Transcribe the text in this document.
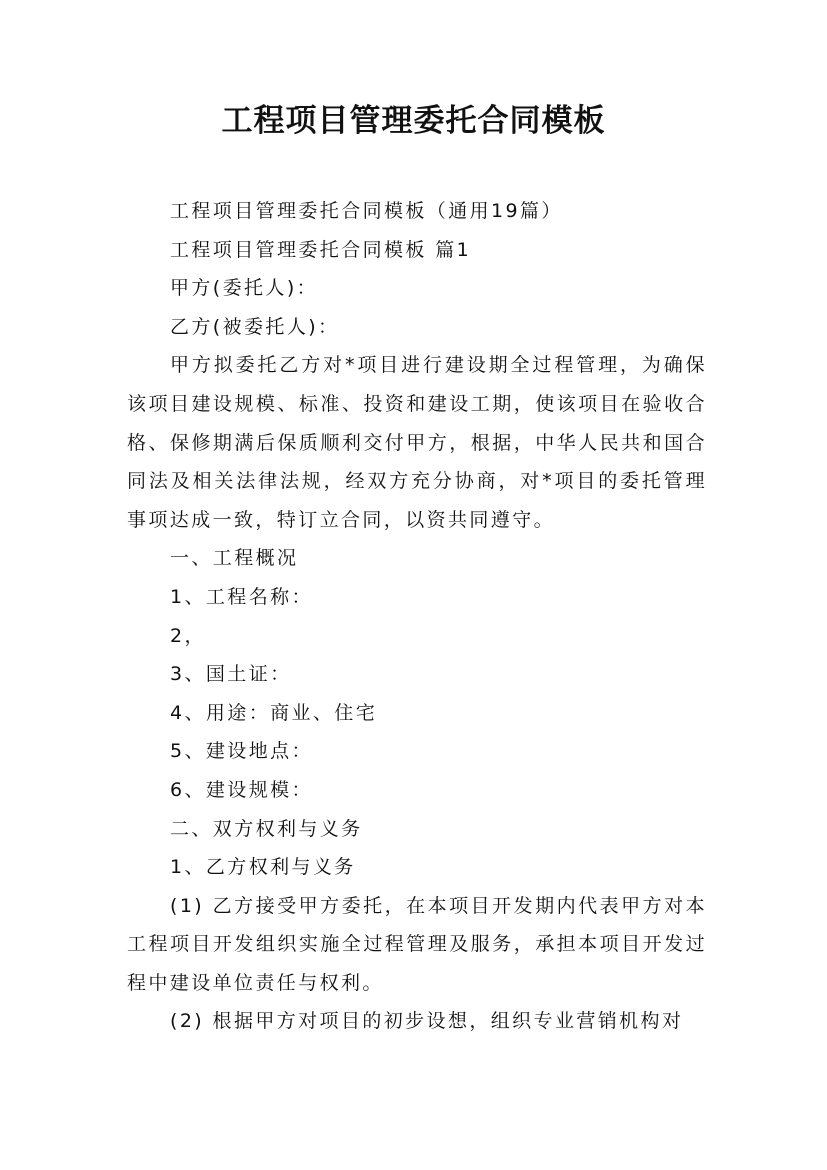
工程项目管理委托合同模板

工程项目管理委托合同模板（通用19篇）

工程项目管理委托合同模板 篇1

甲方(委托人)：

乙方(被委托人)：

甲方拟委托乙方对*项目进行建设期全过程管理，为确保该项目建设规模、标准、投资和建设工期，使该项目在验收合格、保修期满后保质顺利交付甲方，根据，中华人民共和国合同法及相关法律法规，经双方充分协商，对*项目的委托管理事项达成一致，特订立合同，以资共同遵守。

一、工程概况

1、工程名称：

2，

3、国土证：

4、用途：商业、住宅

5、建设地点：

6、建设规模：

二、双方权利与义务

1、乙方权利与义务

(1) 乙方接受甲方委托，在本项目开发期内代表甲方对本工程项目开发组织实施全过程管理及服务，承担本项目开发过程中建设单位责任与权利。

(2) 根据甲方对项目的初步设想，组织专业营销机构对
